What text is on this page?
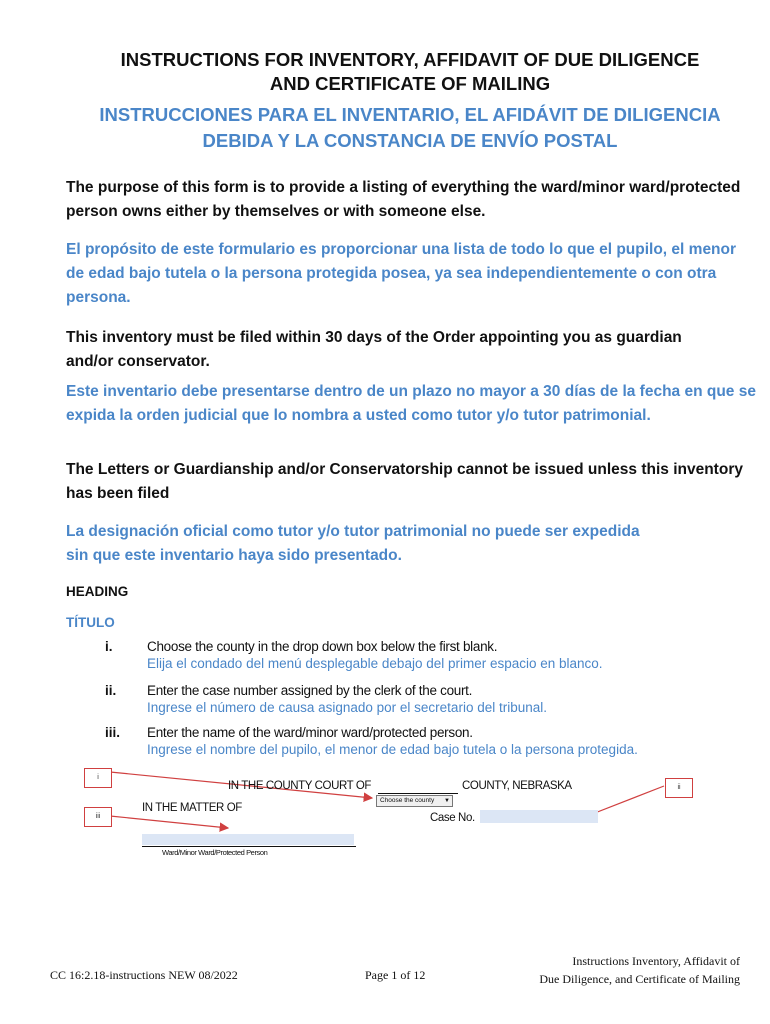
INSTRUCTIONS FOR INVENTORY, AFFIDAVIT OF DUE DILIGENCE
AND CERTIFICATE OF MAILING
INSTRUCCIONES PARA EL INVENTARIO, EL AFIDÁVIT DE DILIGENCIA
DEBIDA Y LA CONSTANCIA DE ENVÍO POSTAL
The purpose of this form is to provide a listing of everything the ward/minor ward/protected person owns either by themselves or with someone else.
El propósito de este formulario es proporcionar una lista de todo lo que el pupilo, el menor de edad bajo tutela o la persona protegida posea, ya sea independientemente o con otra persona.
This inventory must be filed within 30 days of the Order appointing you as guardian and/or conservator.
Este inventario debe presentarse dentro de un plazo no mayor a 30 días de la fecha en que se expida la orden judicial que lo nombra a usted como tutor y/o tutor patrimonial.
The Letters or Guardianship and/or Conservatorship cannot be issued unless this inventory has been filed
La designación oficial como tutor y/o tutor patrimonial no puede ser expedida sin que este inventario haya sido presentado.
HEADING
TÍTULO
i.	Choose the county in the drop down box below the first blank.
Elija el condado del menú desplegable debajo del primer espacio en blanco.
ii.	Enter the case number assigned by the clerk of the court.
Ingrese el número de causa asignado por el secretario del tribunal.
iii.	Enter the name of the ward/minor ward/protected person.
Ingrese el nombre del pupilo, el menor de edad bajo tutela o la persona protegida.
i
ii
iii
IN THE COUNTY COURT OF	COUNTY, NEBRASKA
Choose the county ▼
IN THE MATTER OF
Case No.
Ward/Minor Ward/Protected Person
CC 16:2.18-instructions NEW 08/2022	Page 1 of 12
Instructions Inventory, Affidavit of
Due Diligence, and Certificate of Mailing
